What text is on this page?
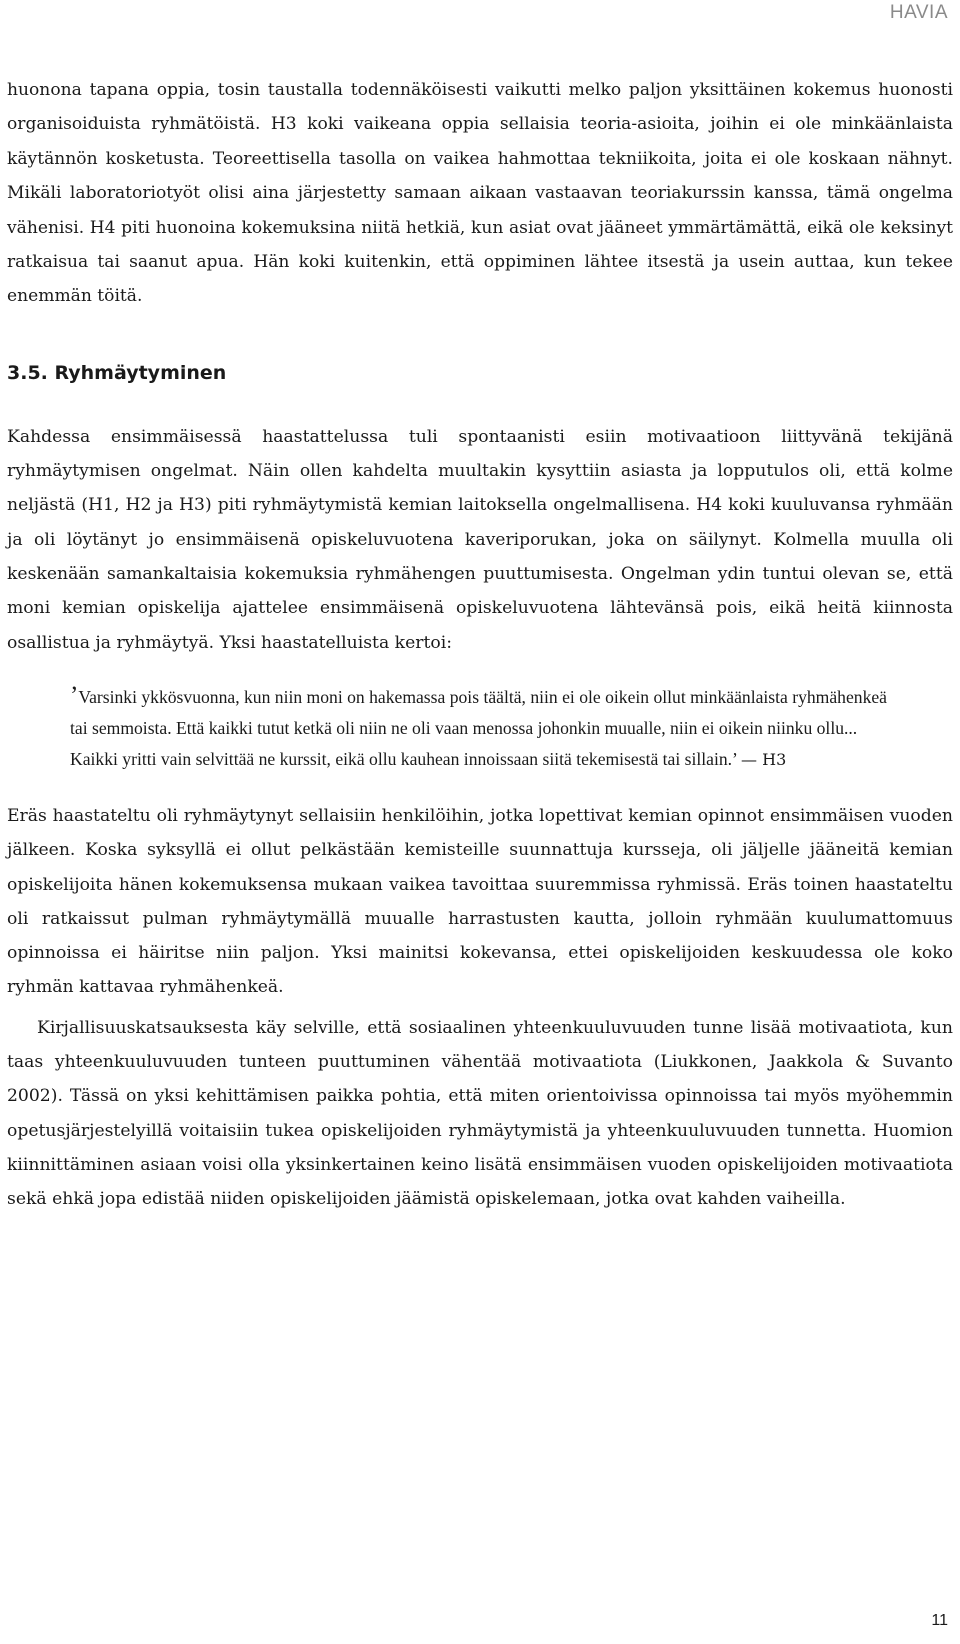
HAVIA

huonona tapana oppia, tosin taustalla todennäköisesti vaikutti melko paljon yksittäinen kokemus huonosti organisoiduista ryhmätöistä. H3 koki vaikeana oppia sellaisia teoria-asioita, joihin ei ole minkäänlaista käytännön kosketusta. Teoreettisella tasolla on vaikea hahmottaa tekniikoita, joita ei ole koskaan nähnyt. Mikäli laboratoriotyöt olisi aina järjestetty samaan aikaan vastaavan teoriakurssin kanssa, tämä ongelma vähenisi. H4 piti huonoina kokemuksina niitä hetkiä, kun asiat ovat jääneet ymmärtämättä, eikä ole keksinyt ratkaisua tai saanut apua. Hän koki kuitenkin, että oppiminen lähtee itsestä ja usein auttaa, kun tekee enemmän töitä.

3.5. Ryhmäytyminen

Kahdessa ensimmäisessä haastattelussa tuli spontaanisti esiin motivaatioon liittyvänä tekijänä ryhmäytymisen ongelmat. Näin ollen kahdelta muultakin kysyttiin asiasta ja lopputulos oli, että kolme neljästä (H1, H2 ja H3) piti ryhmäytymistä kemian laitoksella ongelmallisena. H4 koki kuuluvansa ryhmään ja oli löytänyt jo ensimmäisenä opiskeluvuotena kaveriporukan, joka on säilynyt. Kolmella muulla oli keskenään samankaltaisia kokemuksia ryhmähengen puuttumisesta. Ongelman ydin tuntui olevan se, että moni kemian opiskelija ajattelee ensimmäisenä opiskeluvuotena lähtevänsä pois, eikä heitä kiinnosta osallistua ja ryhmäytyä. Yksi haastatelluista kertoi:

’Varsinki ykkösvuonna, kun niin moni on hakemassa pois täältä, niin ei ole oikein ollut minkäänlaista ryhmähenkeä tai semmoista. Että kaikki tutut ketkä oli niin ne oli vaan menossa johonkin muualle, niin ei oikein niinku ollu... Kaikki yritti vain selvittää ne kurssit, eikä ollu kauhean innoissaan siitä tekemisestä tai sillain.’ — H3

Eräs haastateltu oli ryhmäytynyt sellaisiin henkilöihin, jotka lopettivat kemian opinnot ensimmäisen vuoden jälkeen. Koska syksyllä ei ollut pelkästään kemisteille suunnattuja kursseja, oli jäljelle jääneitä kemian opiskelijoita hänen kokemuksensa mukaan vaikea tavoittaa suuremmissa ryhmissä. Eräs toinen haastateltu oli ratkaissut pulman ryhmäytymällä muualle harrastusten kautta, jolloin ryhmään kuulumattomuus opinnoissa ei häiritse niin paljon. Yksi mainitsi kokevansa, ettei opiskelijoiden keskuudessa ole koko ryhmän kattavaa ryhmähenkeä.

Kirjallisuuskatsauksesta käy selville, että sosiaalinen yhteenkuuluvuuden tunne lisää motivaatiota, kun taas yhteenkuuluvuuden tunteen puuttuminen vähentää motivaatiota (Liukkonen, Jaakkola & Suvanto 2002). Tässä on yksi kehittämisen paikka pohtia, että miten orientoivissa opinnoissa tai myös myöhemmin opetusjärjestelyillä voitaisiin tukea opiskelijoiden ryhmäytymistä ja yhteenkuuluvuuden tunnetta. Huomion kiinnittäminen asiaan voisi olla yksinkertainen keino lisätä ensimmäisen vuoden opiskelijoiden motivaatiota sekä ehkä jopa edistää niiden opiskelijoiden jäämistä opiskelemaan, jotka ovat kahden vaiheilla.

11
